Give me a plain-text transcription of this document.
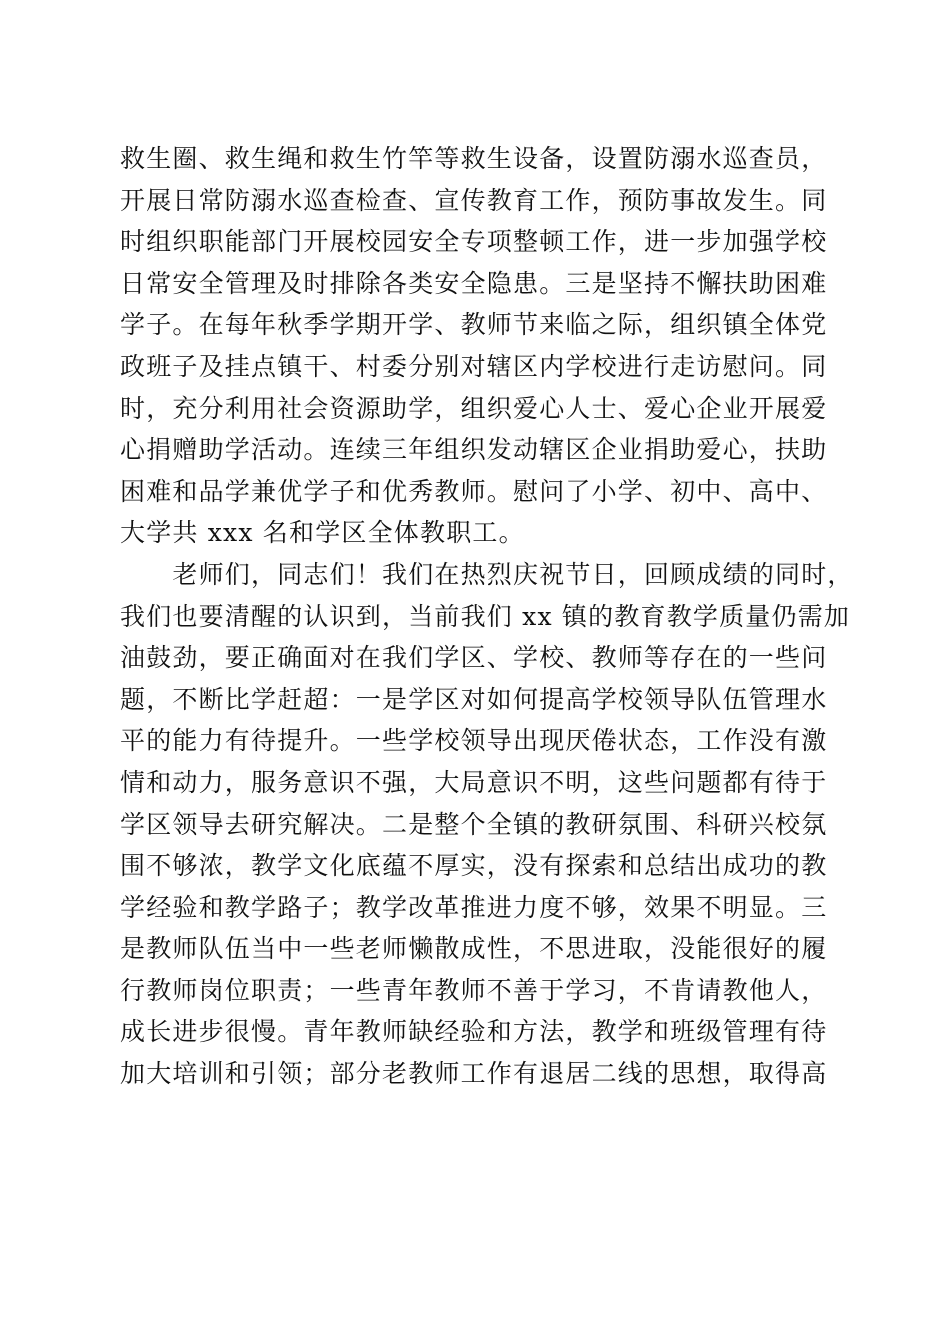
救生圈、救生绳和救生竹竿等救生设备，设置防溺水巡查员，
开展日常防溺水巡查检查、宣传教育工作，预防事故发生。同
时组织职能部门开展校园安全专项整顿工作，进一步加强学校
日常安全管理及时排除各类安全隐患。三是坚持不懈扶助困难
学子。在每年秋季学期开学、教师节来临之际，组织镇全体党
政班子及挂点镇干、村委分别对辖区内学校进行走访慰问。同
时，充分利用社会资源助学，组织爱心人士、爱心企业开展爱
心捐赠助学活动。连续三年组织发动辖区企业捐助爱心，扶助
困难和品学兼优学子和优秀教师。慰问了小学、初中、高中、
大学共 xxx 名和学区全体教职工。
　　老师们，同志们！我们在热烈庆祝节日，回顾成绩的同时，
我们也要清醒的认识到，当前我们 xx 镇的教育教学质量仍需加
油鼓劲，要正确面对在我们学区、学校、教师等存在的一些问
题，不断比学赶超：一是学区对如何提高学校领导队伍管理水
平的能力有待提升。一些学校领导出现厌倦状态，工作没有激
情和动力，服务意识不强，大局意识不明，这些问题都有待于
学区领导去研究解决。二是整个全镇的教研氛围、科研兴校氛
围不够浓，教学文化底蕴不厚实，没有探索和总结出成功的教
学经验和教学路子；教学改革推进力度不够，效果不明显。三
是教师队伍当中一些老师懒散成性，不思进取，没能很好的履
行教师岗位职责；一些青年教师不善于学习，不肯请教他人，
成长进步很慢。青年教师缺经验和方法，教学和班级管理有待
加大培训和引领；部分老教师工作有退居二线的思想，取得高
